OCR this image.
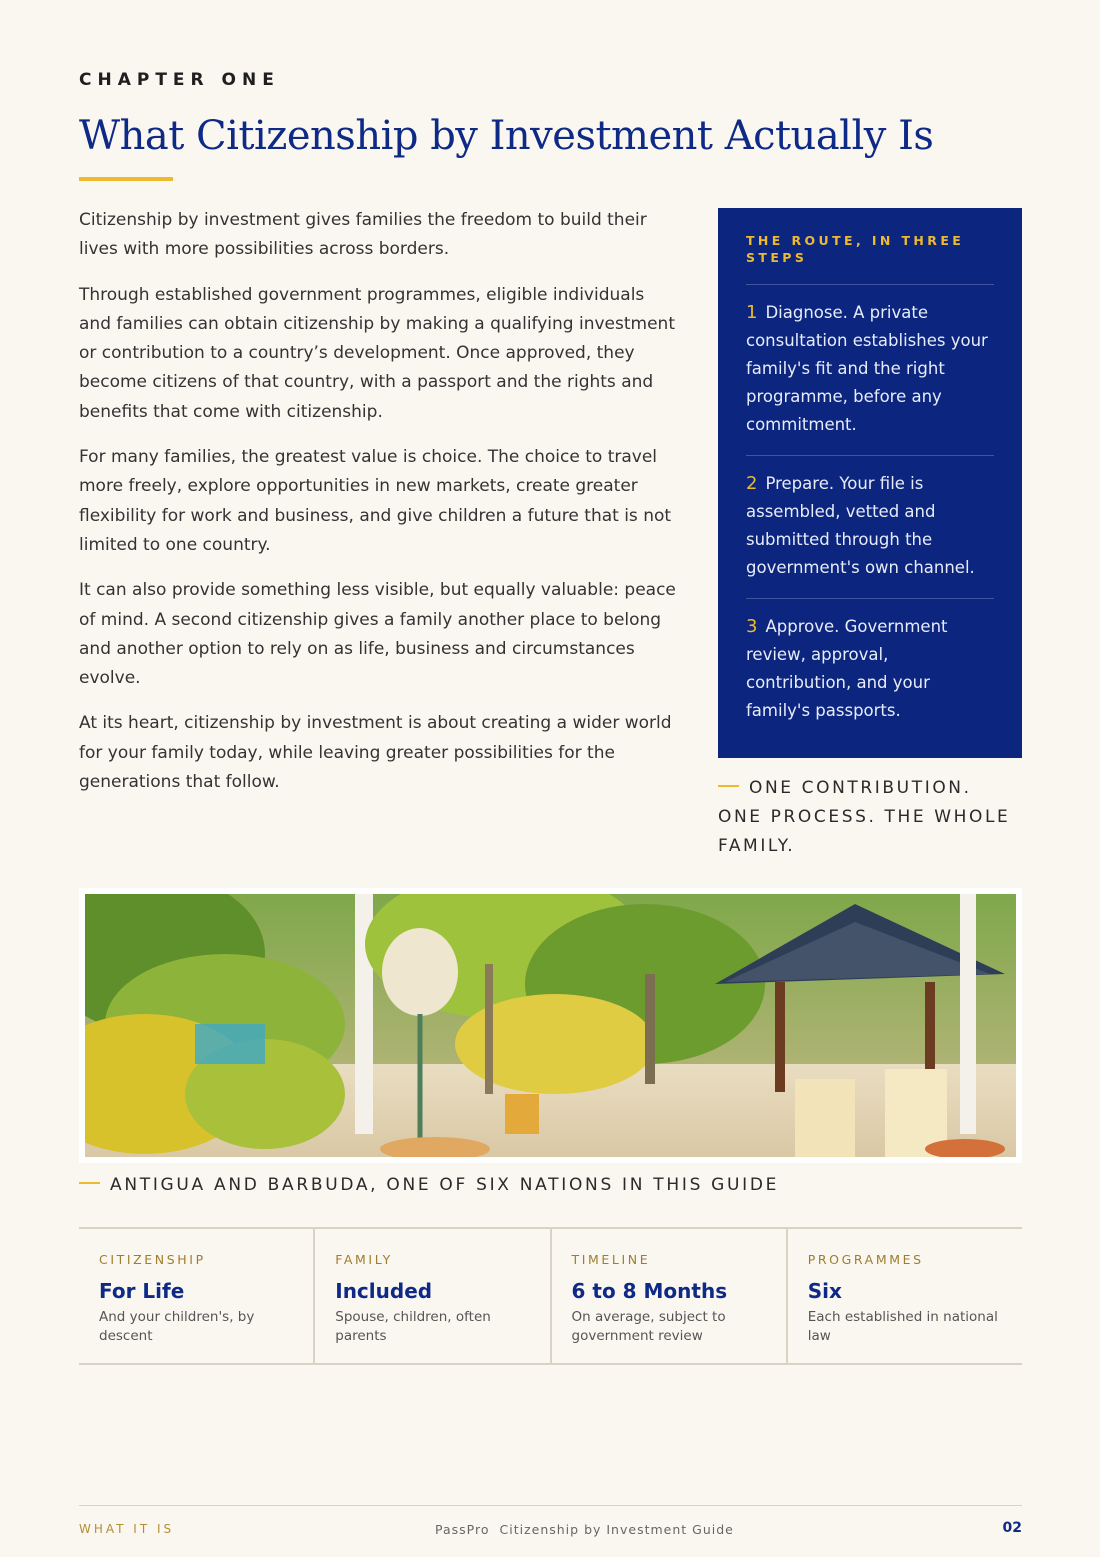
CHAPTER ONE
What Citizenship by Investment Actually Is

Citizenship by investment gives families the freedom to build their lives with more possibilities across borders.

Through established government programmes, eligible individuals and families can obtain citizenship by making a qualifying investment or contribution to a country’s development. Once approved, they become citizens of that country, with a passport and the rights and benefits that come with citizenship.

For many families, the greatest value is choice. The choice to travel more freely, explore opportunities in new markets, create greater flexibility for work and business, and give children a future that is not limited to one country.

It can also provide something less visible, but equally valuable: peace of mind. A second citizenship gives a family another place to belong and another option to rely on as life, business and circumstances evolve.

At its heart, citizenship by investment is about creating a wider world for your family today, while leaving greater possibilities for the generations that follow.

THE ROUTE, IN THREE STEPS
1 Diagnose. A private consultation establishes your family's fit and the right programme, before any commitment.
2 Prepare. Your file is assembled, vetted and submitted through the government's own channel.
3 Approve. Government review, approval, contribution, and your family's passports.
ONE CONTRIBUTION. ONE PROCESS. THE WHOLE FAMILY.
ANTIGUA AND BARBUDA, ONE OF SIX NATIONS IN THIS GUIDE
CITIZENSHIP
For Life
And your children's, by descent
FAMILY
Included
Spouse, children, often parents
TIMELINE
6 to 8 Months
On average, subject to government review
PROGRAMMES
Six
Each established in national law
WHAT IT IS	PassPro Citizenship by Investment Guide	02
